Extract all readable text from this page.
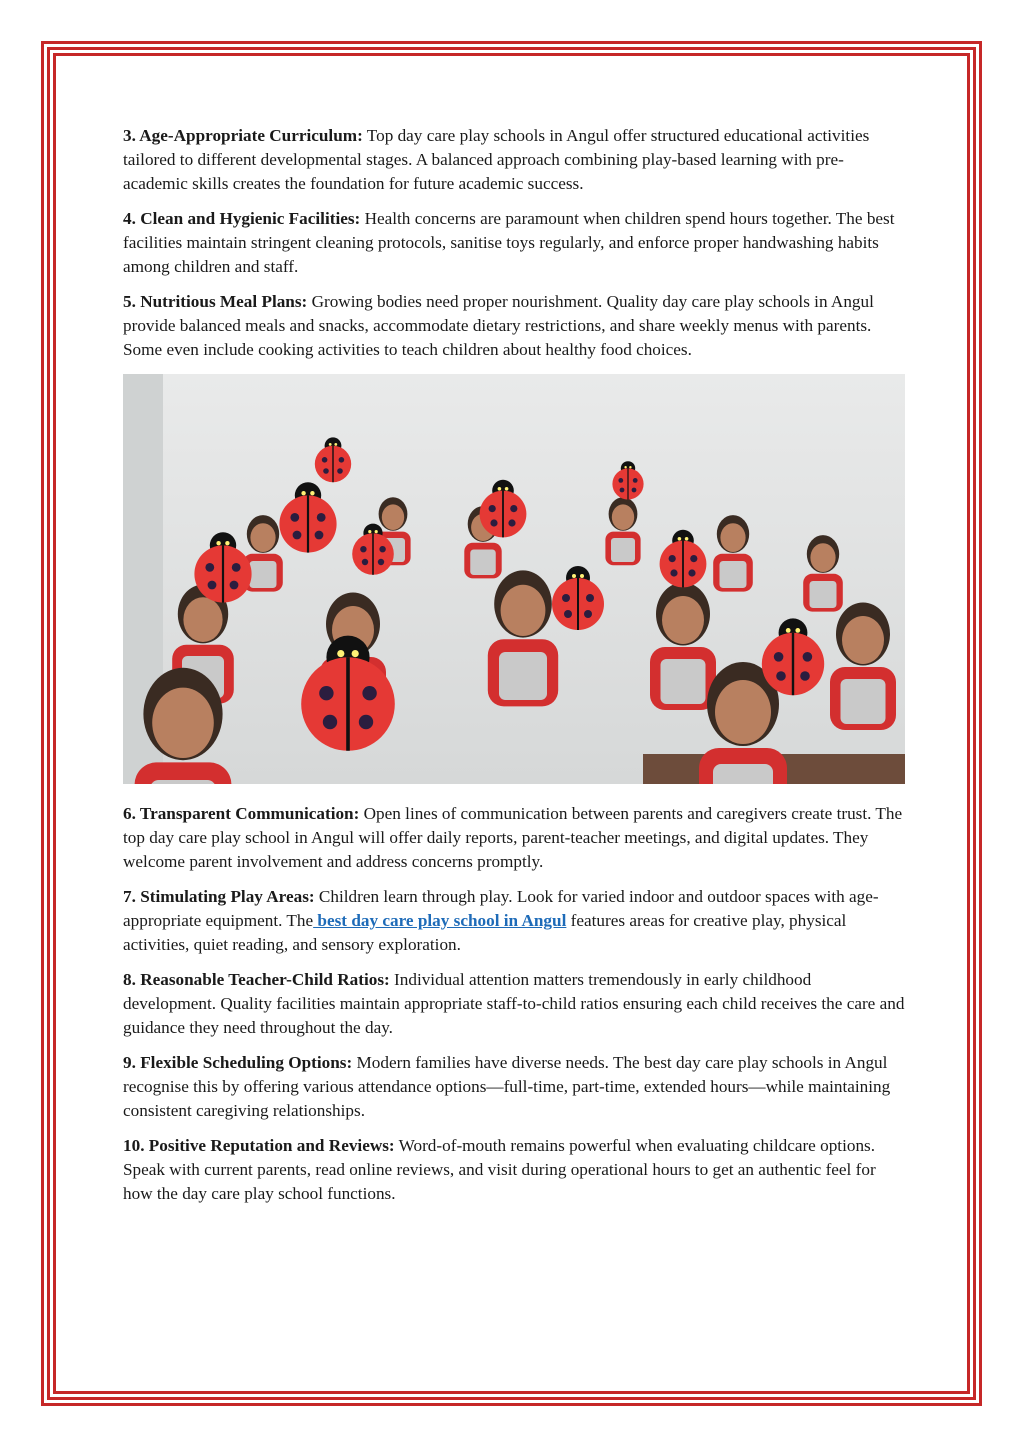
3. Age-Appropriate Curriculum: Top day care play schools in Angul offer structured educational activities tailored to different developmental stages. A balanced approach combining play-based learning with pre-academic skills creates the foundation for future academic success.

4. Clean and Hygienic Facilities: Health concerns are paramount when children spend hours together. The best facilities maintain stringent cleaning protocols, sanitise toys regularly, and enforce proper handwashing habits among children and staff.

5. Nutritious Meal Plans: Growing bodies need proper nourishment. Quality day care play schools in Angul provide balanced meals and snacks, accommodate dietary restrictions, and share weekly menus with parents. Some even include cooking activities to teach children about healthy food choices.

6. Transparent Communication: Open lines of communication between parents and caregivers create trust. The top day care play school in Angul will offer daily reports, parent-teacher meetings, and digital updates. They welcome parent involvement and address concerns promptly.

7. Stimulating Play Areas: Children learn through play. Look for varied indoor and outdoor spaces with age-appropriate equipment. The best day care play school in Angul features areas for creative play, physical activities, quiet reading, and sensory exploration.

8. Reasonable Teacher-Child Ratios: Individual attention matters tremendously in early childhood development. Quality facilities maintain appropriate staff-to-child ratios ensuring each child receives the care and guidance they need throughout the day.

9. Flexible Scheduling Options: Modern families have diverse needs. The best day care play schools in Angul recognise this by offering various attendance options—full-time, part-time, extended hours—while maintaining consistent caregiving relationships.

10. Positive Reputation and Reviews: Word-of-mouth remains powerful when evaluating childcare options. Speak with current parents, read online reviews, and visit during operational hours to get an authentic feel for how the day care play school functions.
